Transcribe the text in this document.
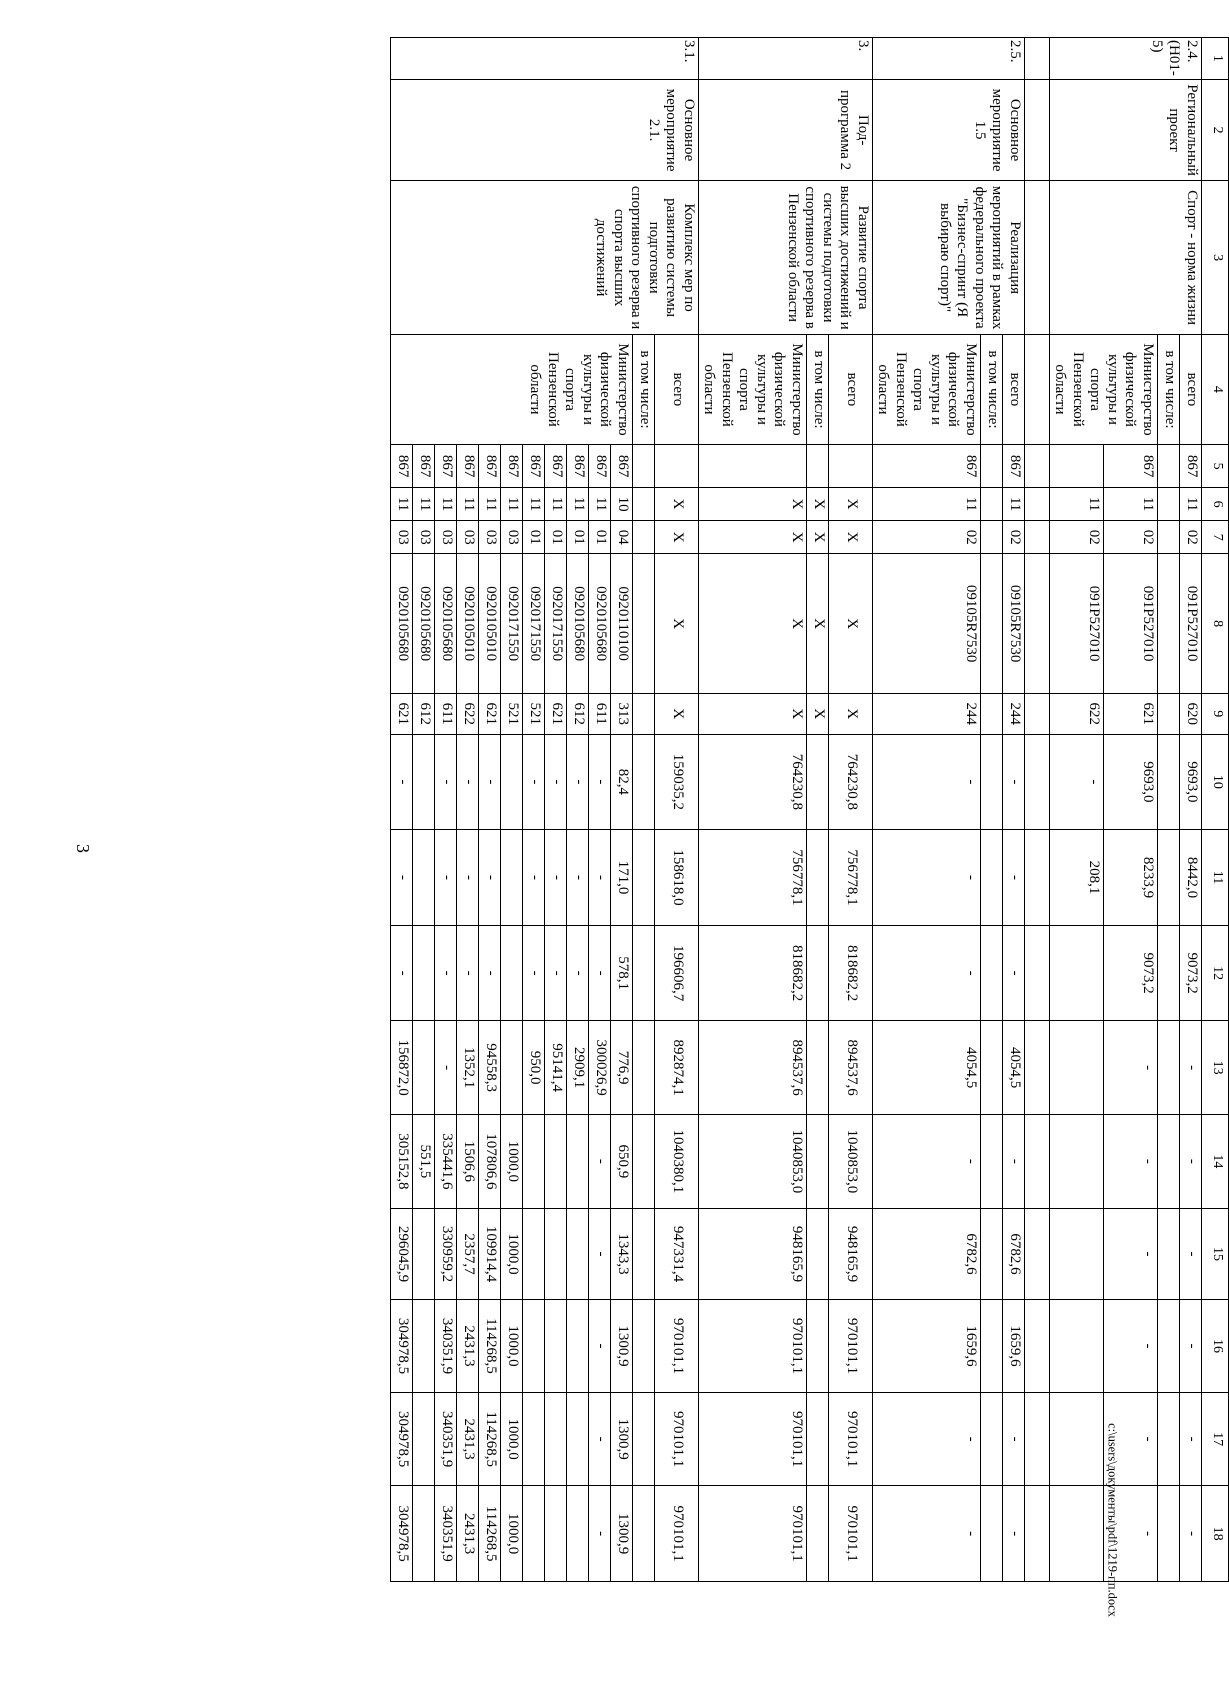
3
1	2	3	4	5	6	7	8	9	10	11	12	13	14	15	16	17	18
2.4. (Н01-5)	Региональный проект	Спорт - норма жизни	всего	867	11	02	091P527010	620	9693,0	8442,0	9073,2	-	-	-	-	-	-
			в том числе:														
			Министерство физической культуры и спорта Пензенской области	867	11	02	091P527010	621	9693,0	8233,9	9073,2	-	-	-	-	-	-
					11	02	091P527010	622	-	208,1							

2.5.	Основное мероприятие 1.5	Реализация мероприятий в рамках федерального проекта "Бизнес-спринт (Я выбираю спорт)"	всего	867	11	02	09105R7530	244	-	-	-	4054,5	-	6782,6	1659,6	-	-
			в том числе:														
			Министерство физической культуры и спорта Пензенской области	867	11	02	09105R7530	244	-	-	-	4054,5	-	6782,6	1659,6	-	-
3.	Под-программа 2	Развитие спорта высших достижений и системы подготовки спортивного резерва в Пензенской области	всего		Х	Х	Х	Х	764230,8	756778,1	818682,2	894537,6	1040853,0	948165,9	970101,1	970101,1	970101,1
			в том числе:		Х	Х	Х	Х									
			Министерство физической культуры и спорта Пензенской области		Х	Х	Х	Х	764230,8	756778,1	818682,2	894537,6	1040853,0	948165,9	970101,1	970101,1	970101,1
3.1.	Основное мероприятие 2.1.	Комплекс мер по развитию системы подготовки спортивного резерва и спорта высших достижений	всего		Х	Х	Х	Х	159035,2	158618,0	196606,7	892874,1	1040380,1	947331,4	970101,1	970101,1	970101,1
			в том числе:														
			Министерство физической культуры и спорта Пензенской области	867	10	04	0920110100	313	82,4	171,0	578,1	776,9	650,9	1343,3	1300,9	1300,9	1300,9
				867	11	01	0920105680	611	-	-	-	300026,9	-	-	-	-	-
				867	11	01	0920105680	612	-	-	-	2909,1					
				867	11	01	0920171550	621	-	-	-	95141,4					
				867	11	01	0920171550	521	-	-	-	950,0					
				867	11	03	0920171550	521					1000,0	1000,0	1000,0	1000,0	1000,0
				867	11	03	0920105010	621	-	-	-	94558,3	107806,6	109914,4	114268,5	114268,5	114268,5
				867	11	03	0920105010	622	-	-	-	1352,1	1506,6	2357,7	2431,3	2431,3	2431,3
				867	11	03	0920105680	611	-	-	-	-	335441,6	330959,2	340351,9	340351,9	340351,9
				867	11	03	0920105680	612					551,5				
				867	11	03	0920105680	621	-	-	-	156872,0	305152,8	296045,9	304978,5	304978,5	304978,5	c:\users\документы\pdf\1219-пп.docx
